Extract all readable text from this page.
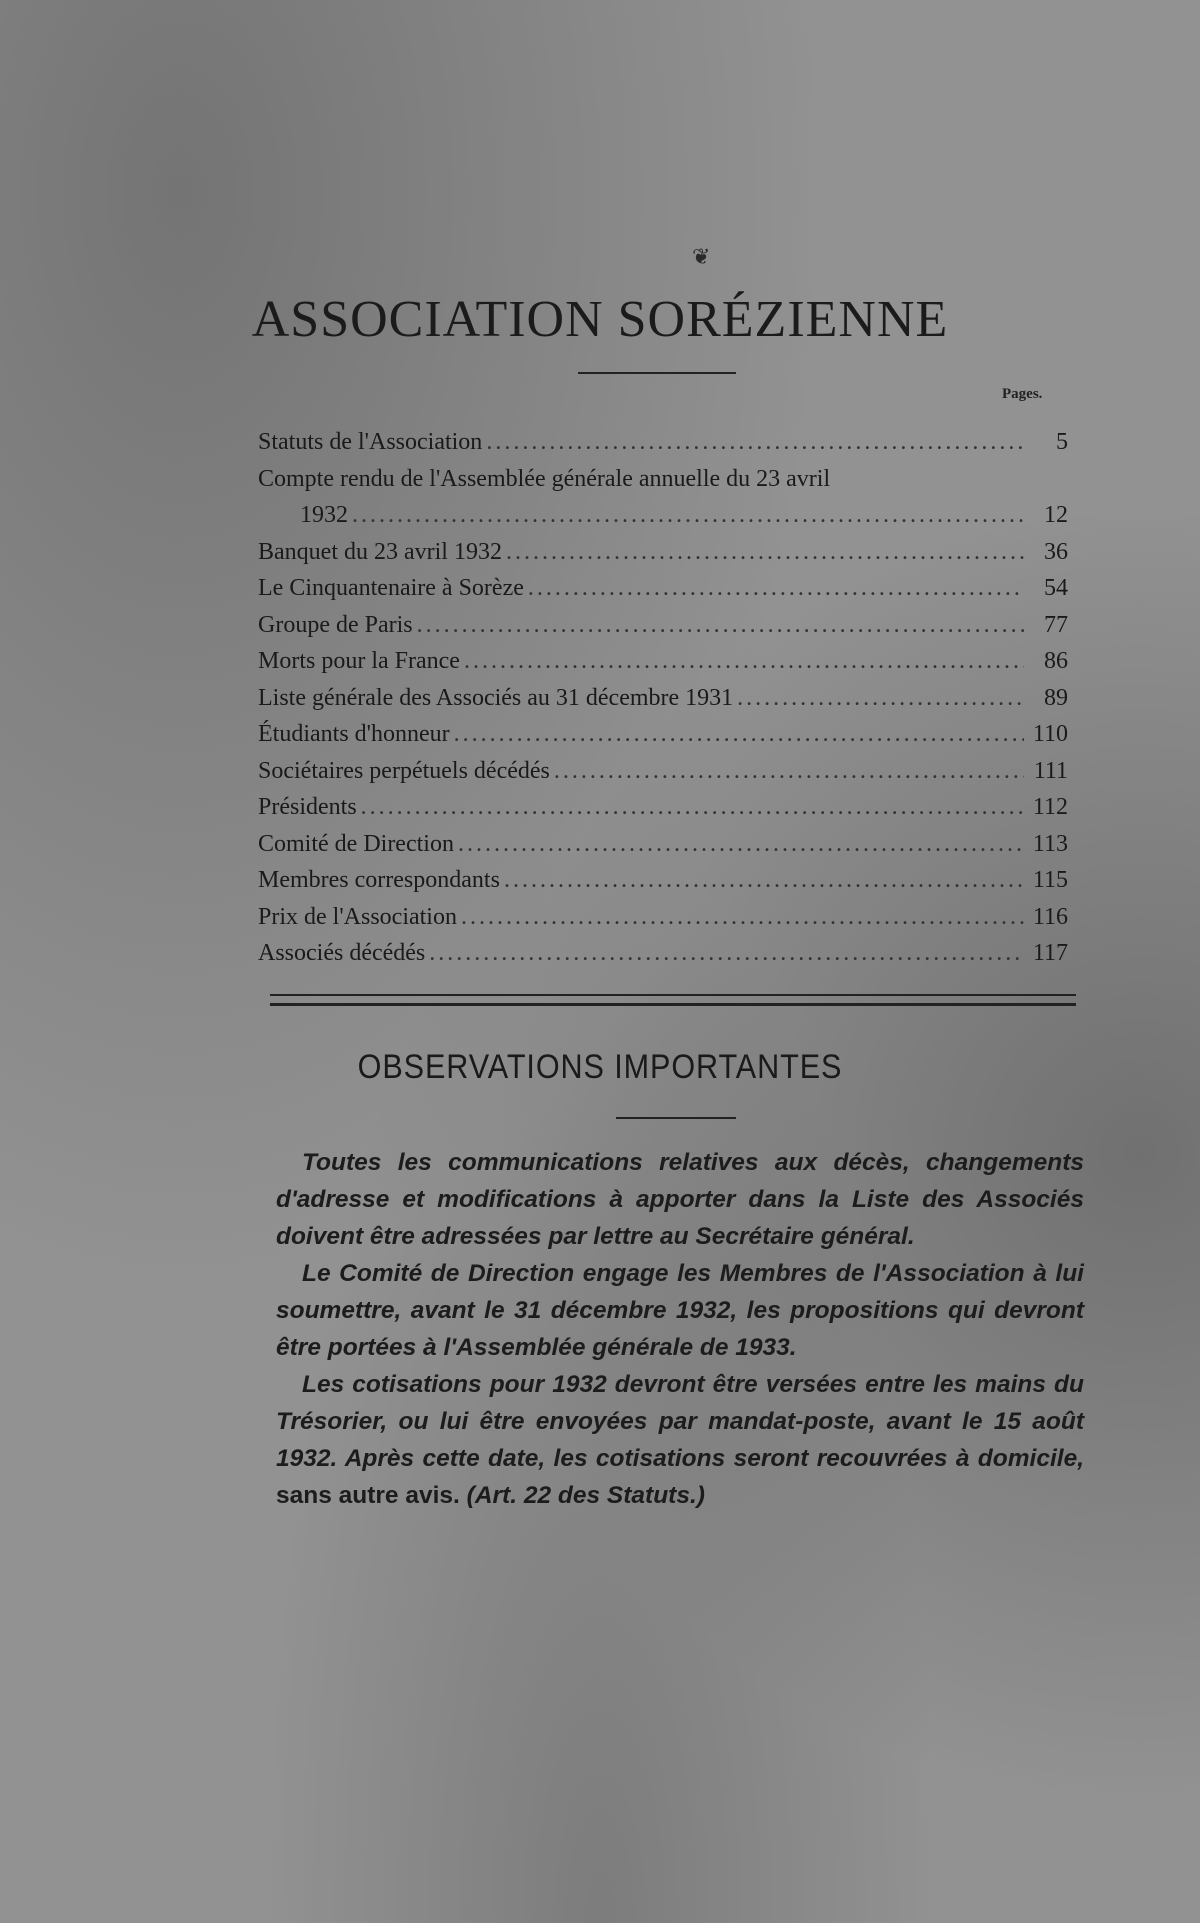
❦
ASSOCIATION SORÉZIENNE
Pages.
Statuts de l'Association .....	5
Compte rendu de l'Assemblée générale annuelle du 23 avril
1932 .....	12
Banquet du 23 avril 1932 .....	36
Le Cinquantenaire à Sorèze .....	54
Groupe de Paris .....	77
Morts pour la France .....	86
Liste générale des Associés au 31 décembre 1931 .....	89
Étudiants d'honneur .....	110
Sociétaires perpétuels décédés .....	111
Présidents .....	112
Comité de Direction .....	113
Membres correspondants .....	115
Prix de l'Association .....	116
Associés décédés .....	117
OBSERVATIONS IMPORTANTES

Toutes les communications relatives aux décès, changements d'adresse et modifications à apporter dans la Liste des Associés doivent être adressées par lettre au Secrétaire général.

Le Comité de Direction engage les Membres de l'Association à lui soumettre, avant le 31 décembre 1932, les propositions qui devront être portées à l'Assemblée générale de 1933.

Les cotisations pour 1932 devront être versées entre les mains du Trésorier, ou lui être envoyées par mandat-poste, avant le 15 août 1932. Après cette date, les cotisations seront recouvrées à domicile, sans autre avis. (Art. 22 des Statuts.)
